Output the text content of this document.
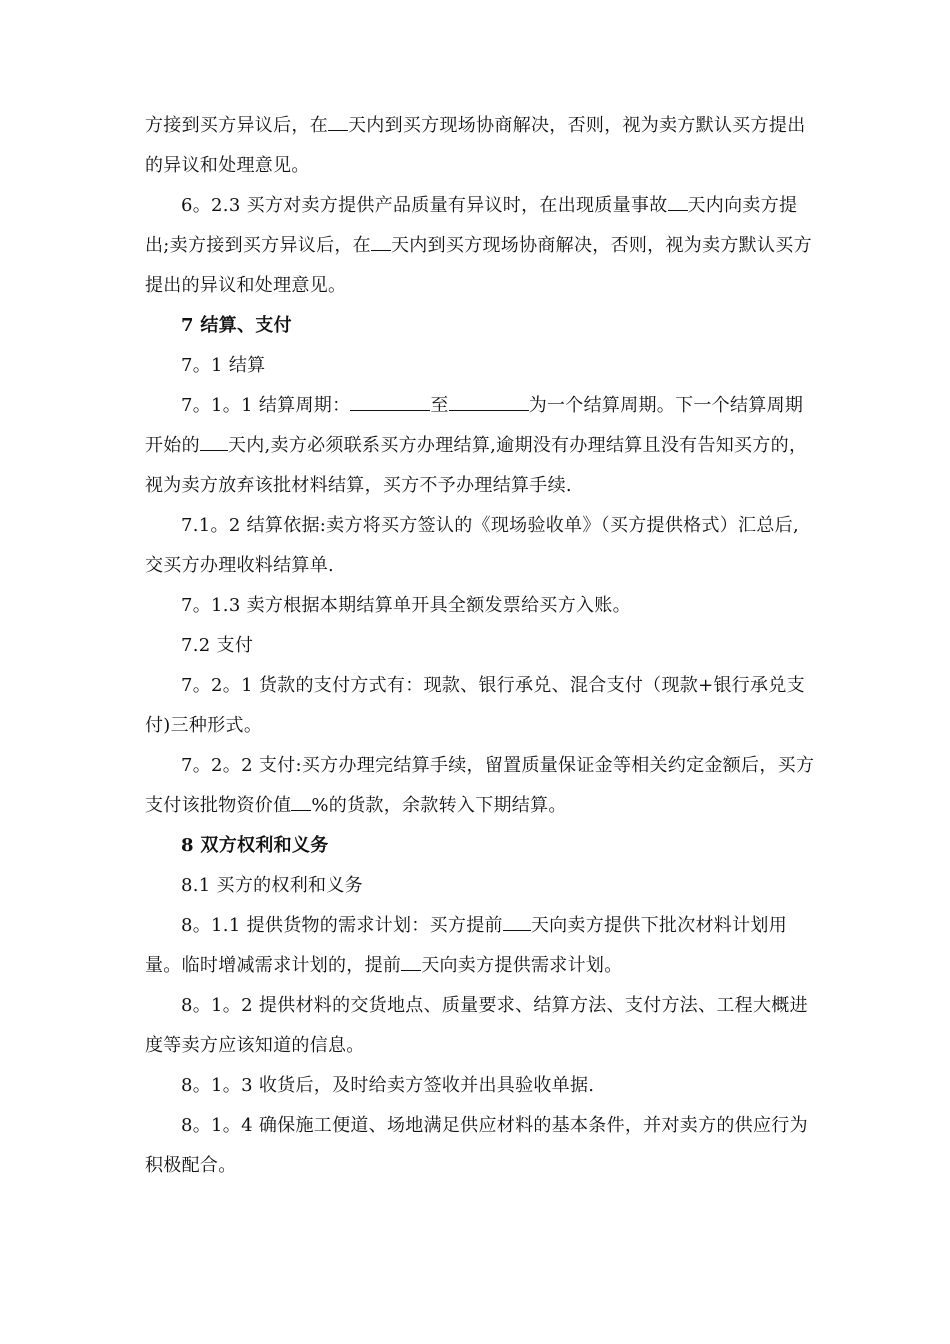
方接到买方异议后，在 天内到买方现场协商解决，否则，视为卖方默认买方提出的异议和处理意见。

6。2.3 买方对卖方提供产品质量有异议时，在出现质量事故 天内向卖方提出;卖方接到买方异议后，在 天内到买方现场协商解决，否则，视为卖方默认买方提出的异议和处理意见。

7 结算、支付

7。1 结算

7。1。1 结算周期：	至	为一个结算周期。下一个结算周期开始的 天内,卖方必须联系买方办理结算,逾期没有办理结算且没有告知买方的，视为卖方放弃该批材料结算，买方不予办理结算手续.

7.1。2 结算依据:卖方将买方签认的《现场验收单》（买方提供格式）汇总后,交买方办理收料结算单.

7。1.3 卖方根据本期结算单开具全额发票给买方入账。

7.2 支付

7。2。1 货款的支付方式有：现款、银行承兑、混合支付（现款+银行承兑支付)三种形式。

7。2。2 支付:买方办理完结算手续，留置质量保证金等相关约定金额后，买方支付该批物资价值 %的货款，余款转入下期结算。

8 双方权利和义务

8.1 买方的权利和义务

8。1.1 提供货物的需求计划：买方提前 天向卖方提供下批次材料计划用量。临时增减需求计划的，提前 天向卖方提供需求计划。

8。1。2 提供材料的交货地点、质量要求、结算方法、支付方法、工程大概进度等卖方应该知道的信息。

8。1。3 收货后，及时给卖方签收并出具验收单据.

8。1。4 确保施工便道、场地满足供应材料的基本条件，并对卖方的供应行为积极配合。
